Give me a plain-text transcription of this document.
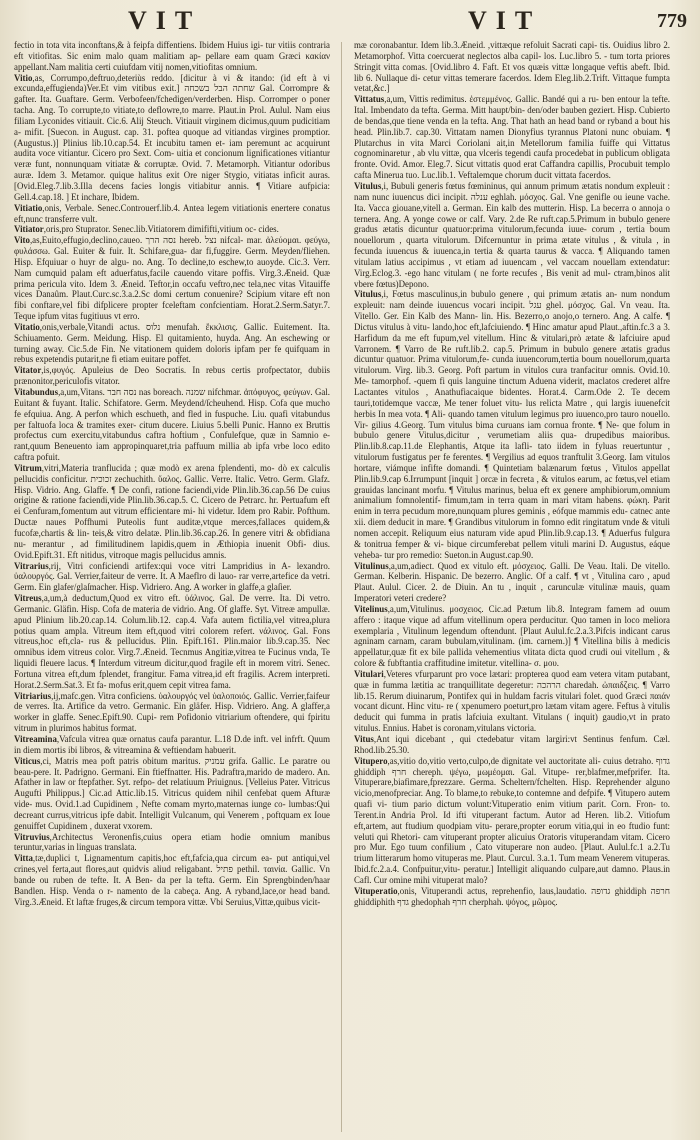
VIT	VIT	779

fectio in tota vita inconftans,& à feipfa diffentiens. Ibidem Huius igi- tur vitiis contraria eft vitiofitas. Sic enim malo quam malitiam ap- pellare eam quam Græci κακίαν appellant.Nam malitia certi cuiufdam vitij nomen,vitiofitas omnium.

Vitio,as, Corrumpo,deftruo,deteriùs reddo. [dicitur à vi & itando: (id eft à vi excunda,effugienda)Ver.Et vim vitibus exit.] שחתה הבל בשכחה Gal. Corrompre & gafter. Ita. Guaftare. Germ. Verbofeen/fchedigen/verderben. Hisp. Corromper o poner tacha. Ang. To corrupte,to vitiate,to deflowre,to marre. Plaut.in Prol. Aulul. Nam eius filiam Lyconides vitiauit. Cic.6. Alij Steuch. Vitiauit virginem dicimus,quum pudicitiam a- mifit. [Suecon. in August. cap. 31. poftea quoque ad vitiandas virgines promptior.(Augustus.)] Plinius lib.10.cap.54. Et incubitu tamen et- iam peremunt ac acquirunt audita voce vitiantur. Cicero pro Sext. Com- uitia et concionum lignificationes vitiantur veræ funt, nonnunquam vitiatæ & corruptæ. Ovid. 7. Metamorph. Vitiantur odoribus auræ. Idem 3. Metamor. quique halitus exit Ore niger Stygio, vitiatas inficit auras. [Ovid.Eleg.7.lib.3.Illa decens facies longis vitiabitur annis. ¶ Vitiare aufpicia: Gell.4.cap.18. ] Et inchare, Ibidem.

Vitiatio,onis, Verbale. Senec.Controuerf.lib.4. Antea legem vitiationis enertere conatus eft,nunc transferre vult.

Vitiator,oris,pro Stuprator. Senec.lib.Vitiatorem dimififti,vitium oc- cides.

Vito,as,Euito,effugio,declino,caueo. נסה הרך hereb. נצל nifcal- mar. ἀλεύομαι. φεύγω, φυλάσσω. Gal. Euiter & fuir. It. Schifare,gua- dar fi,fuggire. Germ. Meyden/fliehen. Hisp. Efquiuar o huyr de algu- no. Ang. To decline,to eschew,to auoyde. Cic.3. Verr. Nam cumquid palam eft aduerfatus,facile cauendo vitare poffis. Virg.3.Æneid. Quæ prima pericula vito. Idem 3. Æneid. Teftor,in occafu veftro,nec tela,nec vitas Vitauiffe vices Danaûm. Plaut.Curc.sc.3.a.2.Sc domi certum conuenire? Scipium vitare eft non fibi conftare,vel fibi difplicere propter fceleftam confcientiam. Horat.2.Serm.Satyr.7. Teque ipfum vitas fugitiuus vt erro.

Vitatio,onis,verbale,Vitandi actus. נלוס menufah. ἔκκλισις. Gallic. Euitement. Ita. Schiuamento. Germ. Meidung. Hisp. El quitamiento, huyda. Ang. An eschewing or turning away. Cic.5.de Fin. Ne vitationem quidem doloris ipfam per fe quifquam in rebus expetendis putarit,ne fi etiam euitare poffet.

Vitator,is,φυγός. Apuleius de Deo Socratis. In rebus certis profpectator, dubiis prænonitor,periculofis vitator.

Vitabundus,a,um,Vitans. נסה חבר nas boreach. שמנה nifchmar. ἀπόφυγος, φεύγων. Gal. Euitant & fuyant. Italic. Schifatore. Germ. Meydend/ſcheuhend. Hisp. Cofa que mucho fe efquiua. Ang. A perfon which eschueth, and fled in fuspuche. Liu. quafi vitabundus per faltuofa loca & tramites exer- citum ducere. Liuius 5.belli Punic. Hanno ex Bruttis profectus cum exercitu,vitabundus caftra hoftium , Confulefque, quæ in Samnio e- rant,quum Beneuento iam appropinquaret,tria paffuum millia ab ipfa vrbe loco edito caftra pofuit.

Vitrum,vitri,Materia tranflucida ; quæ modò ex arena fplendenti, mo- dò ex calculis pellucidis conficitur. זכוכית zechuchith. ὕαλος. Gallic. Verre. Italic. Vetro. Germ. Glafz. Hisp. Vidrio. Ang. Glaffe. ¶ De confi, ratione faciendi,vide Plin.lib.36.cap.56 De cuius origine & ratione faciendi,vide Plin.lib.36.cap.5. C. Cicero de Petrarc. hr. Pertuafum eft ei Cenfuram,fomentum aut vitrum efficientare mi- hi videtur. Idem pro Rabir. Pofthum. Ductæ naues Poffhumi Puteolis funt auditæ,vtque merces,fallaces quidem,& fucofæ,chartis & lin- teis,& vitro delatæ. Plin.lib.36.cap.26. In genere vitri & obfidiana nu- merantur , ad fimilitudinem lapidis,quem in Æthiopia inuenit Obfi- dius. Ovid.Epift.31. Eft nitidus, vitroque magis pellucidus amnis.

Vitrarius,rij, Vitri conficiendi artifex:qui voce vitri Lampridius in A- lexandro. ὑαλουργός. Gal. Verrier,faiteur de verre. It. A Maeflro di lauo- rar verre,artefice da vetri. Germ. Ein glafer/glaſmacher. Hisp. Vidriero. Ang. A worker in glaffe,a glaſier.

Vitreus,a,um,à deductum,Quod ex vitro eft. ὑάλινος. Gal. De verre. Ita. Di vetro. Germanic. Gläfin. Hisp. Cofa de materia de vidrio. Ang. Of glaffe. Syt. Vitreæ ampullæ. apud Plinium lib.20.cap.14. Colum.lib.12. cap.4. Vafa autem fictilia,vel vitrea,plura potius quam ampla. Vitreum item eft,quod vitri colorem refert. νάλινος. Gal. Fons vitreus,hoc eft,cla- rus & pellucidus. Plin. Epift.161. Plin.maior lib.9.cap.35. Nec omnibus idem vitreus color. Virg.7.Æneid. Tecnmus Angitiæ,vitrea te Fucinus vnda, Te liquidi fleuere lacus. ¶ Interdum vitreum dicitur,quod fragile eft in morem vitri. Senec. Fortuna vitrea eft,dum fplendet, frangitur. Fama vitrea,id eft fragilis. Acrem interpreti. Horat.2.Serm.Sat.3. Et fa- mofus erit,quem cepit vitrea fama.

Vitriarius,ij,mafc.gen. Vitra conficiens. ὑαλουργός vel ὑαλοποιός. Gallic. Verrier,faifeur de verres. Ita. Artifice da vetro. Germanic. Ein gläfer. Hisp. Vidriero. Ang. A glaffer,a worker in glaffe. Senec.Epift.90. Cupi- rem Pofidonio vitriarium oftendere, qui fpiritu vitrum in plurimos habitus format.

Vitreamina,Vafcula vitrea quæ ornatus caufa parantur. L.18 D.de inft. vel infrft. Quum in diem mortis ibi libros, & vitreamina & veftiendam habuerit.

Viticus,ci, Matris mea poft patris obitum maritus. עמניק grifa. Gallic. Le paratre ou beau-pere. It. Padrigno. Germani. Ein ftieffnatter. His. Padraftra,marido de madero. An. Afather in law or ftepfather. Syt. refpo- det relatiuum Priuignus. [Velleius Pater. Vitricus Augufti Philippus.] Cic.ad Attic.lib.15. Vitricus quidem nihil cenfebat quem Afturæ vide- mus. Ovid.1.ad Cupidinem , Nefte comam myrto,maternas iunge co- lumbas:Qui decreant currus,vitricus ipfe dabit. Intelligit Vulcanum, qui Venerem , poftquam ex Ioue genuiffet Cupidinem , duxerat vxorem.

Vitruvius,Architectus Veronenfis,cuius opera etiam hodie omnium manibus teruntur,varias in linguas translata.

Vitta,tæ,duplici t, Lignamentum capitis,hoc eft,fafcia,qua circum ea- put antiqui,vel crines,vel ferta,aut flores,aut quidvis aliud religabant. פתיל pethil. ταινία. Gallic. Vn bande ou ruben de tefte. It. A Ben- da per la tefta. Germ. Ein Sprengbinden/haar Bandlen. Hisp. Venda o r- namento de la cabeça. Ang. A ryband,lace,or head band. Virg.3.Æneid. Et laftæ fruges,& circum tempora vittæ. Vbi Seruius,Vittæ,quibus vicit-

mæ coronabantur. Idem lib.3.Æneid. ,vittæque refoluit Sacrati capi- tis. Ouidius libro 2. Metamorphof. Vitta coercuerat neglectos alba capil- los. Luc.libro 5. - tum torta priores Stringit vitta comas. [Ovid.libro 4. Faft. Et vos quæis vittæ longaque veftis abeft. Ibid. lib 6. Nullaque di- cetur vittas temerare facerdos. Idem Eleg.lib.2.Trift. Vittaque fumpta vetat,&c.]

Vittatus,a,um, Vittis redimitus. ἐστεμμένος. Gallic. Bandé qui a ru- ben entour la tefte. Ital. Imbendato da tefta. Germa. Mitt haupt/bin- den/oder bauben geziert. Hisp. Cubierto de bendas,que tiene venda en la tefta. Ang. That hath an head band or ryband a bout his head. Plin.lib.7. cap.30. Vittatam namen Dionyfius tyrannus Platoni nunc obuiam. ¶ Plutarchus in vita Marci Coriolani ait,in Metellorum familia fuiffe qui Vittatus cognominaretur , ab vlu vittæ, qua vlceris tegendi caufa procedebat in publicum obligata fronte. Ovid. Amor. Eleg.7. Sicut vittatis quod erat Caffandra capillis, Procubuit templo cafta Minerua tuo. Luc.lib.1. Veftalemque chorum ducit vittata facerdos.

Vitulus,i, Bubuli generis fœtus fœmininus, qui annum primum ætatis nondum expleuit : nam nunc iuuencus dici incipit. ענלה eghlah. μόσχος. Gal. Vne genifle ou ieune vache. Ita. Vacca giouane,vitell a. German. Ein kalb des mutterin. Hisp. La becerra o annoja o ternera. Ang. A yonge cowe or calf. Vary. 2.de Re ruft.cap.5.Primum in bubulo genere gradus ætatis dicuntur quatuor:prima vitulorum,fecunda iuue- corum , tertia boum nouellorum , quarta vitulorum. Difcernuntur in prima ætate vitulus , & vitula , in fecunda iuuencus & iuuenca,in tertia & quarta taurus & vacca. ¶ Aliquando tamen vitulam latius accipimus , vt etiam ad iuuencam , vel vaccam nouellam extendatur: Virg.Eclog.3. -ego hanc vitulam ( ne forte recufes , Bis venit ad mul- ctram,binos alit vbere fœtus)Depono.

Vitulus,i, Fœtus masculinus,in bubulo genere , qui primum ætatis an- num nondum expleuit: nam deinde iuuencus vocari incipit. עגל ghel. μόσχος. Gal. Vn veau. Ita. Vitello. Ger. Ein Kalb des Mann- lin. His. Bezerro,o anojo,o ternero. Ang. A calfe. ¶ Dictus vitulus à vitu- lando,hoc eft,lafciuiendo. ¶ Hinc amatur apud Plaut.,aftin.fc.3 a 3. Harfidum da me eft fupum,vel vitellum. Hinc & vitulari,prò ætate & lafciuire apud Varronem. ¶ Varro de Re ruft.lib.2. cap.5. Primum in bubulo genere ætatis gradus dicuntur quatuor. Prima vitulorum,fe- cunda iuuencorum,tertia boum nouellorum,quarta vitulorum. Virg. lib.3. Georg. Poft partum in vitulos cura tranfacitur omnis. Ovid.10. Me- tamorphof. -quem fi quis languine tinctum Aduena viderit, maclatos crederet alfre Lactantes vitulos , Anathufiacaique bidentes. Horat.4. Carm.Ode 2. Te decem tauri,totidemque vaccæ, Me tener foluet vitu- lus relicta Matre , qui largis iuuenefcit herbis In mea vota. ¶ Ali- quando tamen vitulum legimus pro iuuenco,pro tauro nouello. Vir- gilius 4.Georg. Tum vitulus bima curuans iam cornua fronte. ¶ Ne- que folum in bubulo genere Vitulus,dicitur , verumetiam aliis qua- drupedibus maioribus. Plin.lib.8.cap.11.de Elephantis, Atque ita lafli- tato iidem in fyluas reuertuntur , vitulorum fustigatus per fe ferentes. ¶ Vergilius ad equos tranftulit 3.Georg. Iam vitulos hortare, viámque infifte domandi. ¶ Quintetiam balænarum fœtus , Vitulos appellat Plin.lib.9.cap 6.Irrumpunt [inquit ] orcæ in fecreta , & vitulos earum, ac fœtus,vel etiam grauidas lancinant morfu. ¶ Vitulus marinus, belua eft ex genere amphibiorum,omnium animalium fomnolentif- fimum,tam in terra quam in mari vitam habens. φώκη. Parit enim in terra pecudum more,nunquam plures geminis , eófque mammis edu- catnec ante xii. diem deducit in mare. ¶ Grandibus vitulorum in fomno edit ringitatum vnde & vituli nomen accepit. Reliquum eius naturam vide apud Plin.lib.9.cap.13. ¶ Aduerfus fulgura & tonitrua femper & vi- bique circumferebat pellem vituli marini D. Augustus, eáque veheba- tur pro remedio: Sueton.in August.cap.90.

Vitulinus,a,um,adiect. Quod ex vitulo eft. μόσχειος. Galli. De Veau. Itali. De vitello. German. Kelberin. Hispanic. De bezerro. Anglic. Of a calf. ¶ vt , Vitulina caro , apud Plaut. Aulul. Cicer. 2. de Diuin. An tu , inquit , carunculæ vitulinæ mauis, quam Imperatori veteri credere?

Vitelinus,a,um,Vitulinus. μοσχειος. Cic.ad Pætum lib.8. Integram famem ad ouum affero : itaque vique ad affum vitellinum opera perducitur. Quo tamen in loco meliora exemplaria , Vitulinum legendum oftendunt. [Plaut Aulul.fc.2.a.3.Pifcis indicant carus agninam carnam, caram bubulam,vitulinam. (im. carnem.)] ¶ Vitellina bilis à medicis appellatur,quæ fit ex bile pallida vehementius vlitata dicta quod crudi oui vitellum , & colore & fubftantia craffitudine imitetur. vitellina- σ. μου.

Vitulari,Veteres vfurparunt pro voce lætari: propterea quod eam vetera vitam putabant, quæ in fumma lætitia ac tranquillitate degeretur: הרהכה charedah. ὠπαιδζεις. ¶ Varro lib.15. Rerum diuinarum, Pontifex qui in huldam facris vitulari folet. quod Græci παιάν vocant dicunt. Hinc vitu- re ( xpenumero poeturt,pro lætam vitam agere. Feftus à vitulis deducit qui fumma in pratis lafciuia exultant. Vitulans ( inquit) gaudio,vt in prato vitulus. Ennius. Habet is coronam,vitulans victoria.

Vitus,Ant iqui dicebant , qui ctedebatur vitam largiri:vt Sentinus fenfum. Cæl. Rhod.lib.25.30.

Vitupero,as,vitio do,vitio verto,culpo,de dignitate vel auctoritate ali- cuius detraho. גדוף ghiddiph חרף chereph. ψέγω, μωμέομαι. Gal. Vitupe- rer,blafmer,mefprifer. Ita. Vituperare,biafimare,fprezzare. Germa. Scheltern/fchelten. Hisp. Reprehender alguno vicio,menofpreciar. Ang. To blame,to rebuke,to contemne and defpife. ¶ Vitupero autem quafi vi- tium pario dictum volunt:Vituperatio enim vitium parit. Corn. Fron- to. Terent.in Andria Prol. Id ifti vituperant factum. Autor ad Heren. lib.2. Vitiofum eft,artem, aut ftudium quodpiam vitu- perare,propter eorum vitia,qui in eo ftudio funt: veluti qui Rhetori- cam vituperant propter alicuius Oratoris vituperandam vitam. Cicero pro Mur. Ego tuum confilium , Cato vituperare non audeo. [Plaut. Aulul.fc.1 a.2.Tu trium litterarum homo vituperas me. Plaut. Curcul. 3.a.1. Tum meam Venerem vituperas. Ibid.fc.2.a.4. Confpuitur,vitu- peratur.] Intelligit aliquando culpare,aut damno. Plaus.in Cafl. Cur omine mihi vituperat malo?

Vituperatio,onis, Vituperandi actus, reprehenfio, laus,laudatio. גדופה ghiddiph חרפה ghiddiphith גדף ghedophah חרף cherphah. ψόγος, μῶμος.
